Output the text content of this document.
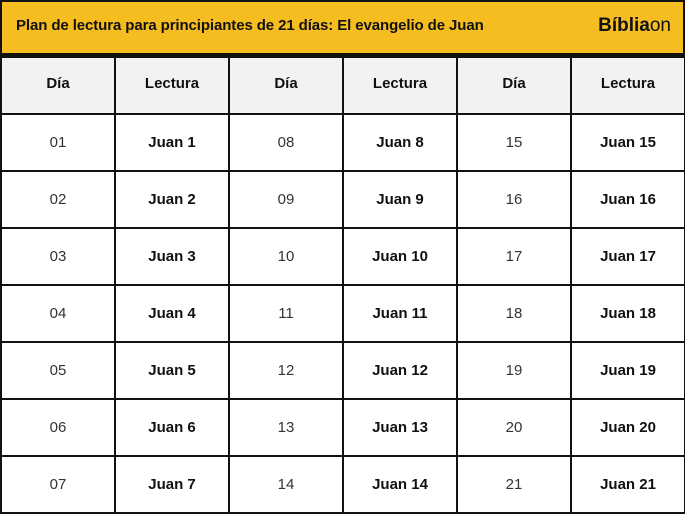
Plan de lectura para principiantes de 21 días: El evangelio de Juan	Bíblia on
Día	Lectura	Día	Lectura	Día	Lectura
01	Juan 1	08	Juan 8	15	Juan 15
02	Juan 2	09	Juan 9	16	Juan 16
03	Juan 3	10	Juan 10	17	Juan 17
04	Juan 4	11	Juan 11	18	Juan 18
05	Juan 5	12	Juan 12	19	Juan 19
06	Juan 6	13	Juan 13	20	Juan 20
07	Juan 7	14	Juan 14	21	Juan 21
